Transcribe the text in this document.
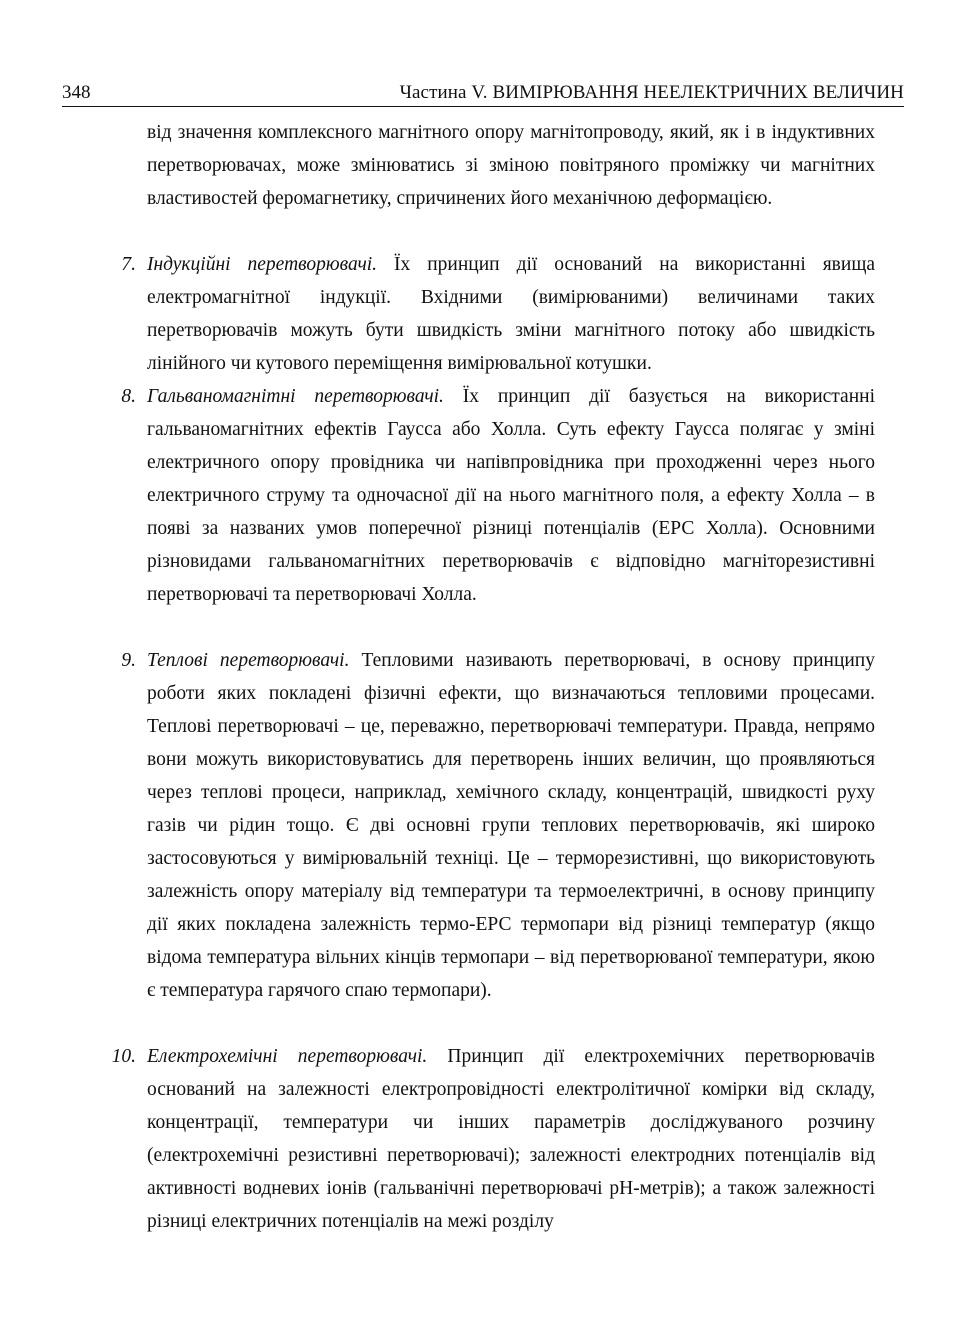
348	Частина V. ВИМІРЮВАННЯ НЕЕЛЕКТРИЧНИХ ВЕЛИЧИН

від значення комплексного магнітного опору магнітопроводу, який, як і в індуктивних перетворювачах, може змінюватись зі зміною повітряного проміжку чи магнітних властивостей феромагнетику, спричинених його механічною деформацією.

7. Індукційні перетворювачі. Їх принцип дії оснований на використанні явища електромагнітної індукції. Вхідними (вимірюваними) величинами таких перетворювачів можуть бути швидкість зміни магнітного потоку або швидкість лінійного чи кутового переміщення вимірювальної котушки.

8. Гальваномагнітні перетворювачі. Їх принцип дії базується на використанні гальваномагнітних ефектів Гаусса або Холла. Суть ефекту Гаусса полягає у зміні електричного опору провідника чи напівпровідника при проходженні через нього електричного струму та одночасної дії на нього магнітного поля, а ефекту Холла – в появі за названих умов поперечної різниці потенціалів (ЕРС Холла). Основними різновидами гальваномагнітних перетворювачів є відповідно магніторезистивні перетворювачі та перетворювачі Холла.

9. Теплові перетворювачі. Тепловими називають перетворювачі, в основу принципу роботи яких покладені фізичні ефекти, що визначаються тепловими процесами. Теплові перетворювачі – це, переважно, перетворювачі температури. Правда, непрямо вони можуть використовуватись для перетворень інших величин, що проявляються через теплові процеси, наприклад, хемічного складу, концентрацій, швидкості руху газів чи рідин тощо. Є дві основні групи теплових перетворювачів, які широко застосовуються у вимірювальній техніці. Це – терморезистивні, що використовують залежність опору матеріалу від температури та термоелектричні, в основу принципу дії яких покладена залежність термо-ЕРС термопари від різниці температур (якщо відома температура вільних кінців термопари – від перетворюваної температури, якою є температура гарячого спаю термопари).

10. Електрохемічні перетворювачі. Принцип дії електрохемічних перетворювачів оснований на залежності електропровідності електролітичної комірки від складу, концентрації, температури чи інших параметрів досліджуваного розчину (електрохемічні резистивні перетворювачі); залежності електродних потенціалів від активності водневих іонів (гальванічні перетворювачі рН-метрів); а також залежності різниці електричних потенціалів на межі розділу
